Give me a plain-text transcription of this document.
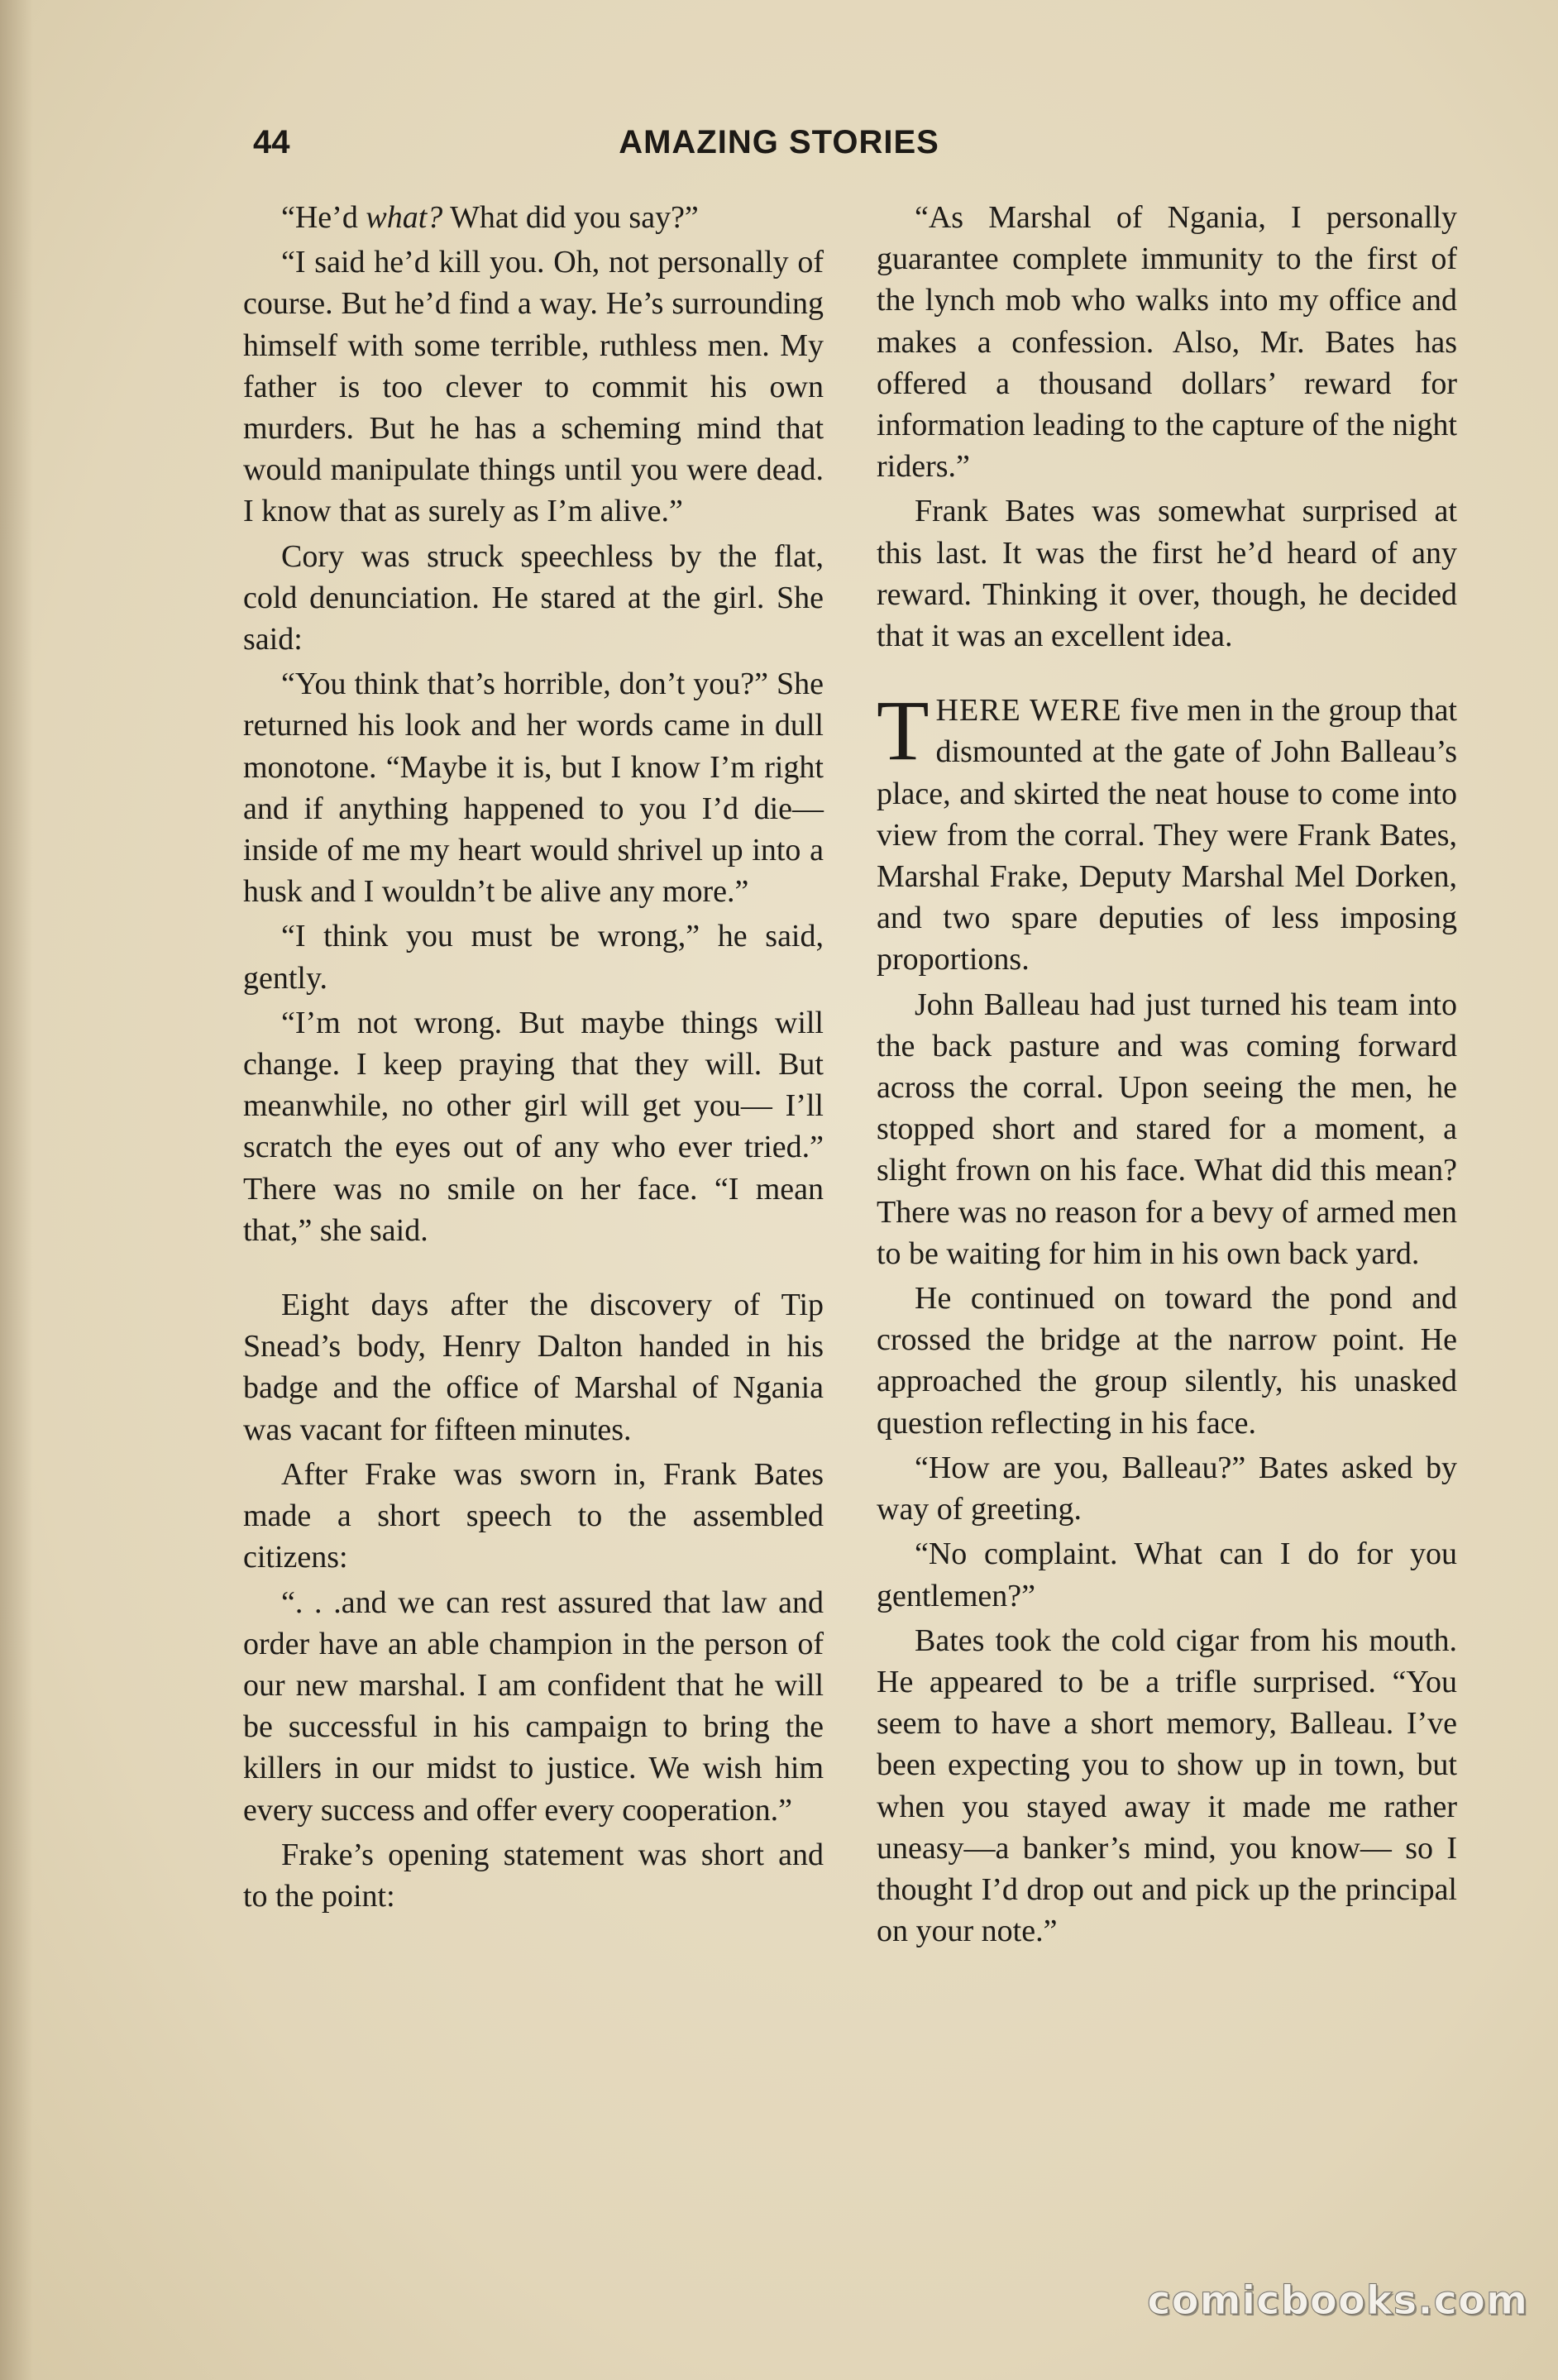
44	AMAZING STORIES

“He’d what? What did you say?”

“I said he’d kill you. Oh, not personally of course. But he’d find a way. He’s surrounding himself with some terrible, ruthless men. My father is too clever to commit his own murders. But he has a scheming mind that would manipulate things until you were dead. I know that as surely as I’m alive.”

Cory was struck speechless by the flat, cold denunciation. He stared at the girl. She said:

“You think that’s horrible, don’t you?” She returned his look and her words came in dull monotone. “Maybe it is, but I know I’m right and if anything happened to you I’d die—inside of me my heart would shrivel up into a husk and I wouldn’t be alive any more.”

“I think you must be wrong,” he said, gently.

“I’m not wrong. But maybe things will change. I keep praying that they will. But meanwhile, no other girl will get you— I’ll scratch the eyes out of any who ever tried.” There was no smile on her face. “I mean that,” she said.

Eight days after the discovery of Tip Snead’s body, Henry Dalton handed in his badge and the office of Marshal of Ngania was vacant for fifteen minutes.

After Frake was sworn in, Frank Bates made a short speech to the assembled citizens:

“. . .and we can rest assured that law and order have an able champion in the person of our new marshal. I am confident that he will be successful in his campaign to bring the killers in our midst to justice. We wish him every success and offer every cooperation.”

Frake’s opening statement was short and to the point:

“As Marshal of Ngania, I personally guarantee complete immunity to the first of the lynch mob who walks into my office and makes a confession. Also, Mr. Bates has offered a thousand dollars’ reward for information leading to the capture of the night riders.”

Frank Bates was somewhat surprised at this last. It was the first he’d heard of any reward. Thinking it over, though, he decided that it was an excellent idea.

THERE WERE five men in the group that dismounted at the gate of John Balleau’s place, and skirted the neat house to come into view from the corral. They were Frank Bates, Marshal Frake, Deputy Marshal Mel Dorken, and two spare deputies of less imposing proportions.

John Balleau had just turned his team into the back pasture and was coming forward across the corral. Upon seeing the men, he stopped short and stared for a moment, a slight frown on his face. What did this mean? There was no reason for a bevy of armed men to be waiting for him in his own back yard.

He continued on toward the pond and crossed the bridge at the narrow point. He approached the group silently, his unasked question reflecting in his face.

“How are you, Balleau?” Bates asked by way of greeting.

“No complaint. What can I do for you gentlemen?”

Bates took the cold cigar from his mouth. He appeared to be a trifle surprised. “You seem to have a short memory, Balleau. I’ve been expecting you to show up in town, but when you stayed away it made me rather uneasy—a banker’s mind, you know— so I thought I’d drop out and pick up the principal on your note.”

comicbooks.com
